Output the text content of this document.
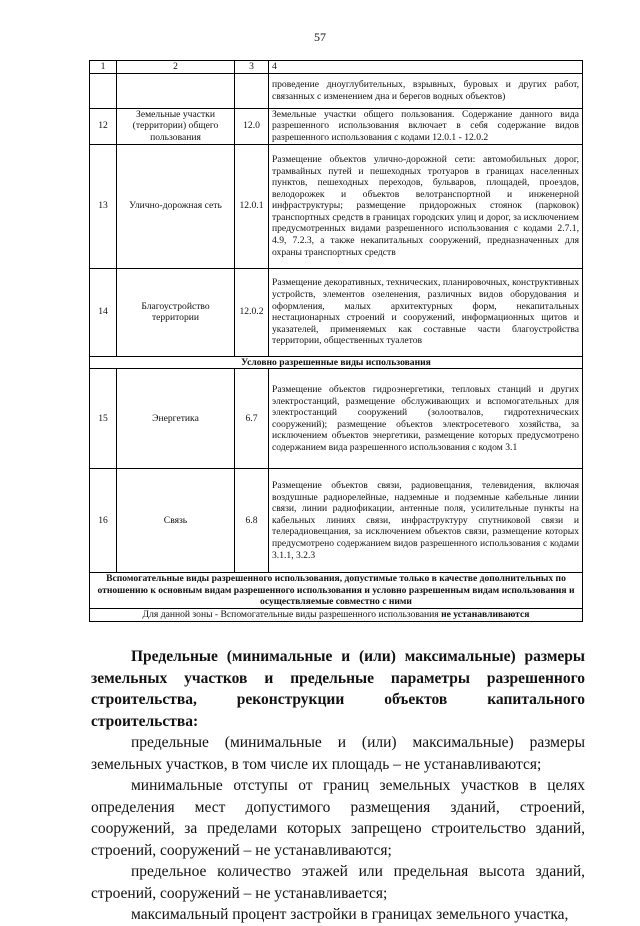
57
1	2	3	4
			проведение дноуглубительных, взрывных, буровых и других работ, связанных с изменением дна и берегов водных объектов)
12	Земельные участки (территории) общего пользования	12.0	Земельные участки общего пользования. Содержание данного вида разрешенного использования включает в себя содержание видов разрешенного использования с кодами 12.0.1 - 12.0.2
13	Улично-дорожная сеть	12.0.1	Размещение объектов улично-дорожной сети: автомобильных дорог, трамвайных путей и пешеходных тротуаров в границах населенных пунктов, пешеходных переходов, бульваров, площадей, проездов, велодорожек и объектов велотранспортной и инженерной инфраструктуры; размещение придорожных стоянок (парковок) транспортных средств в границах городских улиц и дорог, за исключением предусмотренных видами разрешенного использования с кодами 2.7.1, 4.9, 7.2.3, а также некапитальных сооружений, предназначенных для охраны транспортных средств
14	Благоустройство территории	12.0.2	Размещение декоративных, технических, планировочных, конструктивных устройств, элементов озеленения, различных видов оборудования и оформления, малых архитектурных форм, некапитальных нестационарных строений и сооружений, информационных щитов и указателей, применяемых как составные части благоустройства территории, общественных туалетов
Условно разрешенные виды использования			
15	Энергетика	6.7	Размещение объектов гидроэнергетики, тепловых станций и других электростанций, размещение обслуживающих и вспомогательных для электростанций сооружений (золоотвалов, гидротехнических сооружений); размещение объектов электросетевого хозяйства, за исключением объектов энергетики, размещение которых предусмотрено содержанием вида разрешенного использования с кодом 3.1
16	Связь	6.8	Размещение объектов связи, радиовещания, телевидения, включая воздушные радиорелейные, надземные и подземные кабельные линии связи, линии радиофикации, антенные поля, усилительные пункты на кабельных линиях связи, инфраструктуру спутниковой связи и телерадиовещания, за исключением объектов связи, размещение которых предусмотрено содержанием видов разрешенного использования с кодами 3.1.1, 3.2.3
Вспомогательные виды разрешенного использования, допустимые только в качестве дополнительных по отношению к основным видам разрешенного использования и условно разрешенным видам использования и осуществляемые совместно с ними			
Для данной зоны - Вспомогательные виды разрешенного использования не устанавливаются			

Предельные (минимальные и (или) максимальные) размеры земельных участков и предельные параметры разрешенного строительства, реконструкции объектов капитального строительства:

предельные (минимальные и (или) максимальные) размеры земельных участков, в том числе их площадь – не устанавливаются;

минимальные отступы от границ земельных участков в целях определения мест допустимого размещения зданий, строений, сооружений, за пределами которых запрещено строительство зданий, строений, сооружений – не устанавливаются;

предельное количество этажей или предельная высота зданий, строений, сооружений – не устанавливается;

максимальный процент застройки в границах земельного участка,
